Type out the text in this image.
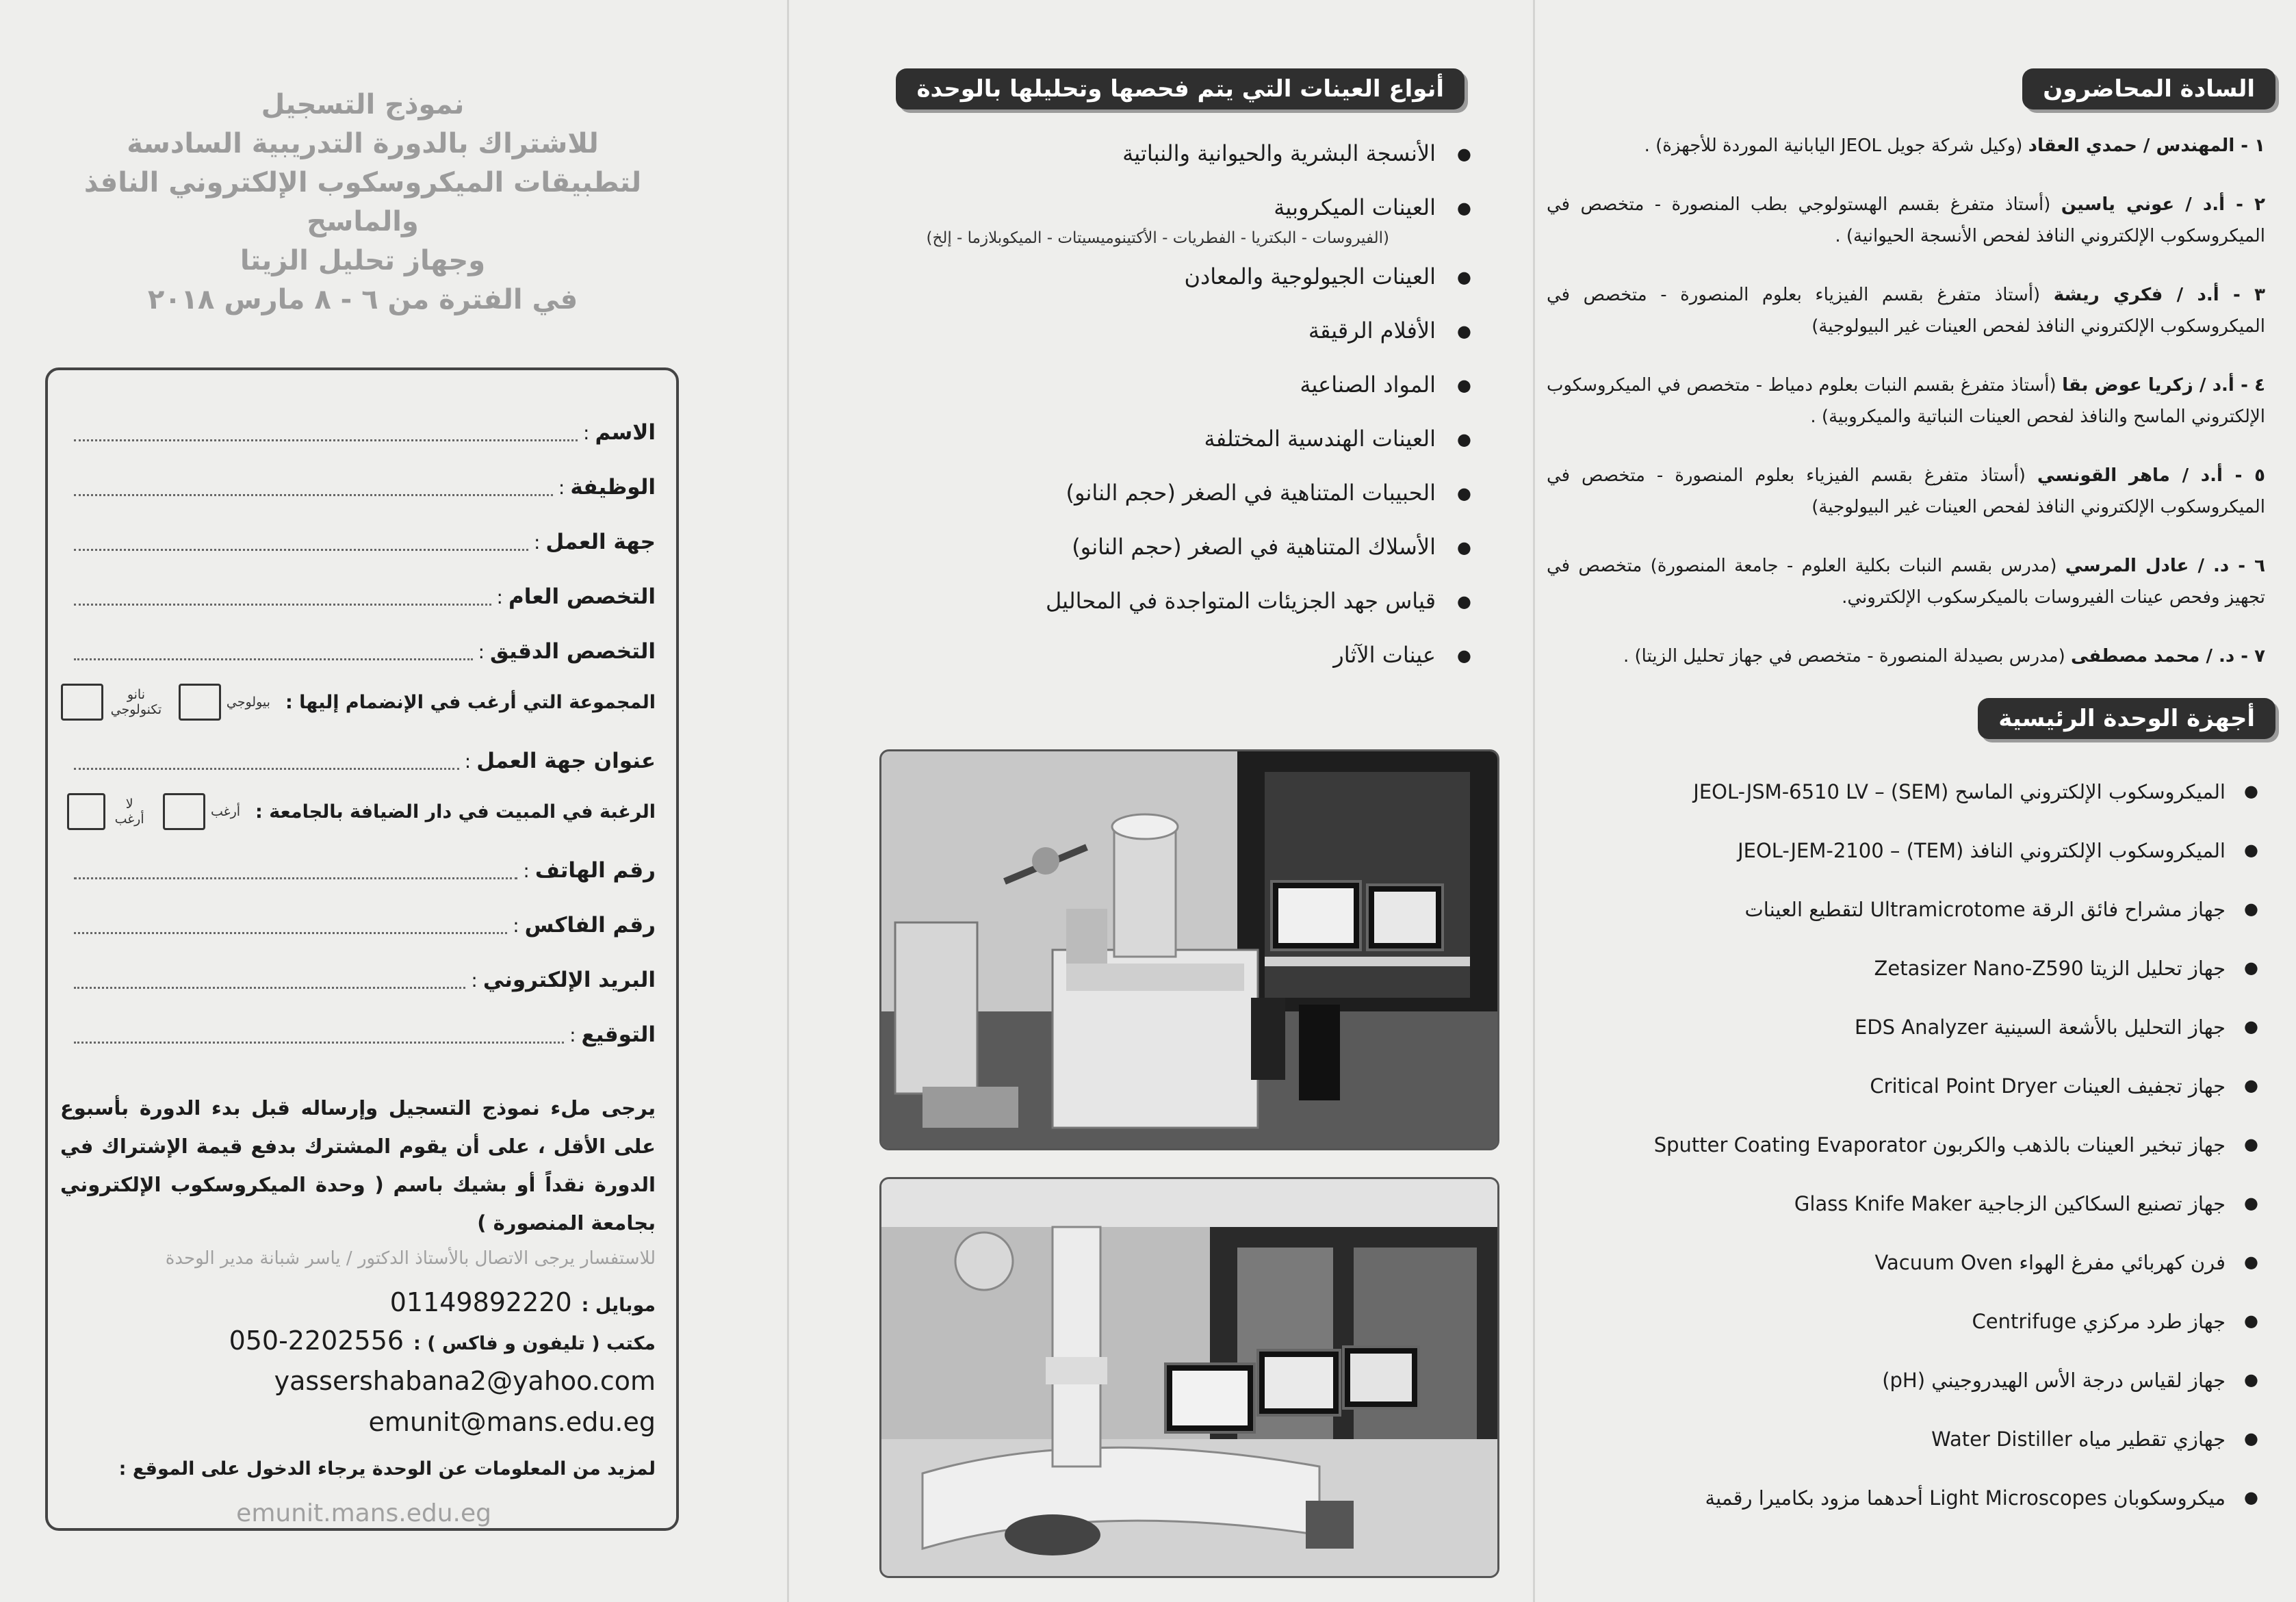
السادة المحاضرون
١ - المهندس / حمدي العقاد (وكيل شركة جويل JEOL اليابانية الموردة للأجهزة) .
٢ - أ.د / عوني ياسين (أستاذ متفرغ بقسم الهستولوجي بطب المنصورة - متخصص في الميكروسكوب الإلكتروني النافذ لفحص الأنسجة الحيوانية) .
٣ - أ.د / فكري ريشة (أستاذ متفرغ بقسم الفيزياء بعلوم المنصورة - متخصص في الميكروسكوب الإلكتروني النافذ لفحص العينات غير البيولوجية)
٤ - أ.د / زكريا عوض بقا (أستاذ متفرغ بقسم النبات بعلوم دمياط - متخصص في الميكروسكوب الإلكتروني الماسح والنافذ لفحص العينات النباتية والميكروبية) .
٥ - أ.د / ماهر القونسي (أستاذ متفرغ بقسم الفيزياء بعلوم المنصورة - متخصص في الميكروسكوب الإلكتروني النافذ لفحص العينات غير البيولوجية)
٦ - د. / عادل المرسي (مدرس بقسم النبات بكلية العلوم - جامعة المنصورة) متخصص في تجهيز وفحص عينات الفيروسات بالميكرسكوب الإلكتروني.
٧ - د. / محمد مصطفى (مدرس بصيدلة المنصورة - متخصص في جهاز تحليل الزيتا) .
أجهزة الوحدة الرئيسية
●
الميكروسكوب الإلكتروني الماسح (SEM) – JEOL-JSM-6510 LV
●
الميكروسكوب الإلكتروني النافذ (TEM) – JEOL-JEM-2100
●
جهاز مشراح فائق الرقة Ultramicrotome لتقطيع العينات
●
جهاز تحليل الزيتا Zetasizer Nano-Z590
●
جهاز التحليل بالأشعة السينية EDS Analyzer
●
جهاز تجفيف العينات Critical Point Dryer
●
جهاز تبخير العينات بالذهب والكربون Sputter Coating Evaporator
●
جهاز تصنيع السكاكين الزجاجية Glass Knife Maker
●
فرن كهربائي مفرغ الهواء Vacuum Oven
●
جهاز طرد مركزي Centrifuge
●
جهاز لقياس درجة الأس الهيدروجيني (pH)
●
جهازي تقطير مياه Water Distiller
●
ميكروسكوبان Light Microscopes أحدهما مزود بكاميرا رقمية
أنواع العينات التي يتم فحصها وتحليلها بالوحدة
●
الأنسجة البشرية والحيوانية والنباتية
●
العينات الميكروبية
(الفيروسات - البكتريا - الفطريات - الأكتينوميسيتات - الميكوبلازما - إلخ)
●
العينات الجيولوجية والمعادن
●
الأفلام الرقيقة
●
المواد الصناعية
●
العينات الهندسية المختلفة
●
الحبيبات المتناهية في الصغر (حجم النانو)
●
الأسلاك المتناهية في الصغر (حجم النانو)
●
قياس جهد الجزيئات المتواجدة في المحاليل
●
عينات الآثار
نموذج التسجيل
للاشتراك بالدورة التدريبية السادسة
لتطبيقات الميكروسكوب الإلكتروني النافذ والماسح
وجهاز تحليل الزيتا
في الفترة من ٦ - ٨ مارس ٢٠١٨
الاسم
:
الوظيفة
:
جهة العمل
:
التخصص العام
:
التخصص الدقيق
:
المجموعة التي أرغب في الإنضمام إليها :
بيولوجي
نانو تكنولوجي
عنوان جهة العمل
:
الرغبة في المبيت في دار الضيافة بالجامعة :
أرغب
لا أرغب
رقم الهاتف
:
رقم الفاكس
:
البريد الإلكتروني
:
التوقيع
:
يرجى ملء نموذج التسجيل وإرساله قبل بدء الدورة بأسبوع على الأقل ، على أن يقوم المشترك بدفع قيمة الإشتراك في الدورة نقداً أو بشيك باسم ( وحدة الميكروسكوب الإلكتروني بجامعة المنصورة )
للاستفسار يرجى الاتصال بالأستاذ الدكتور / ياسر شبانة مدير الوحدة
موبايل :
01149892220
مكتب ( تليفون و فاكس ) :
050-2202556
yassershabana2@yahoo.com
emunit@mans.edu.eg
لمزيد من المعلومات عن الوحدة يرجاء الدخول على الموقع :
emunit.mans.edu.eg
